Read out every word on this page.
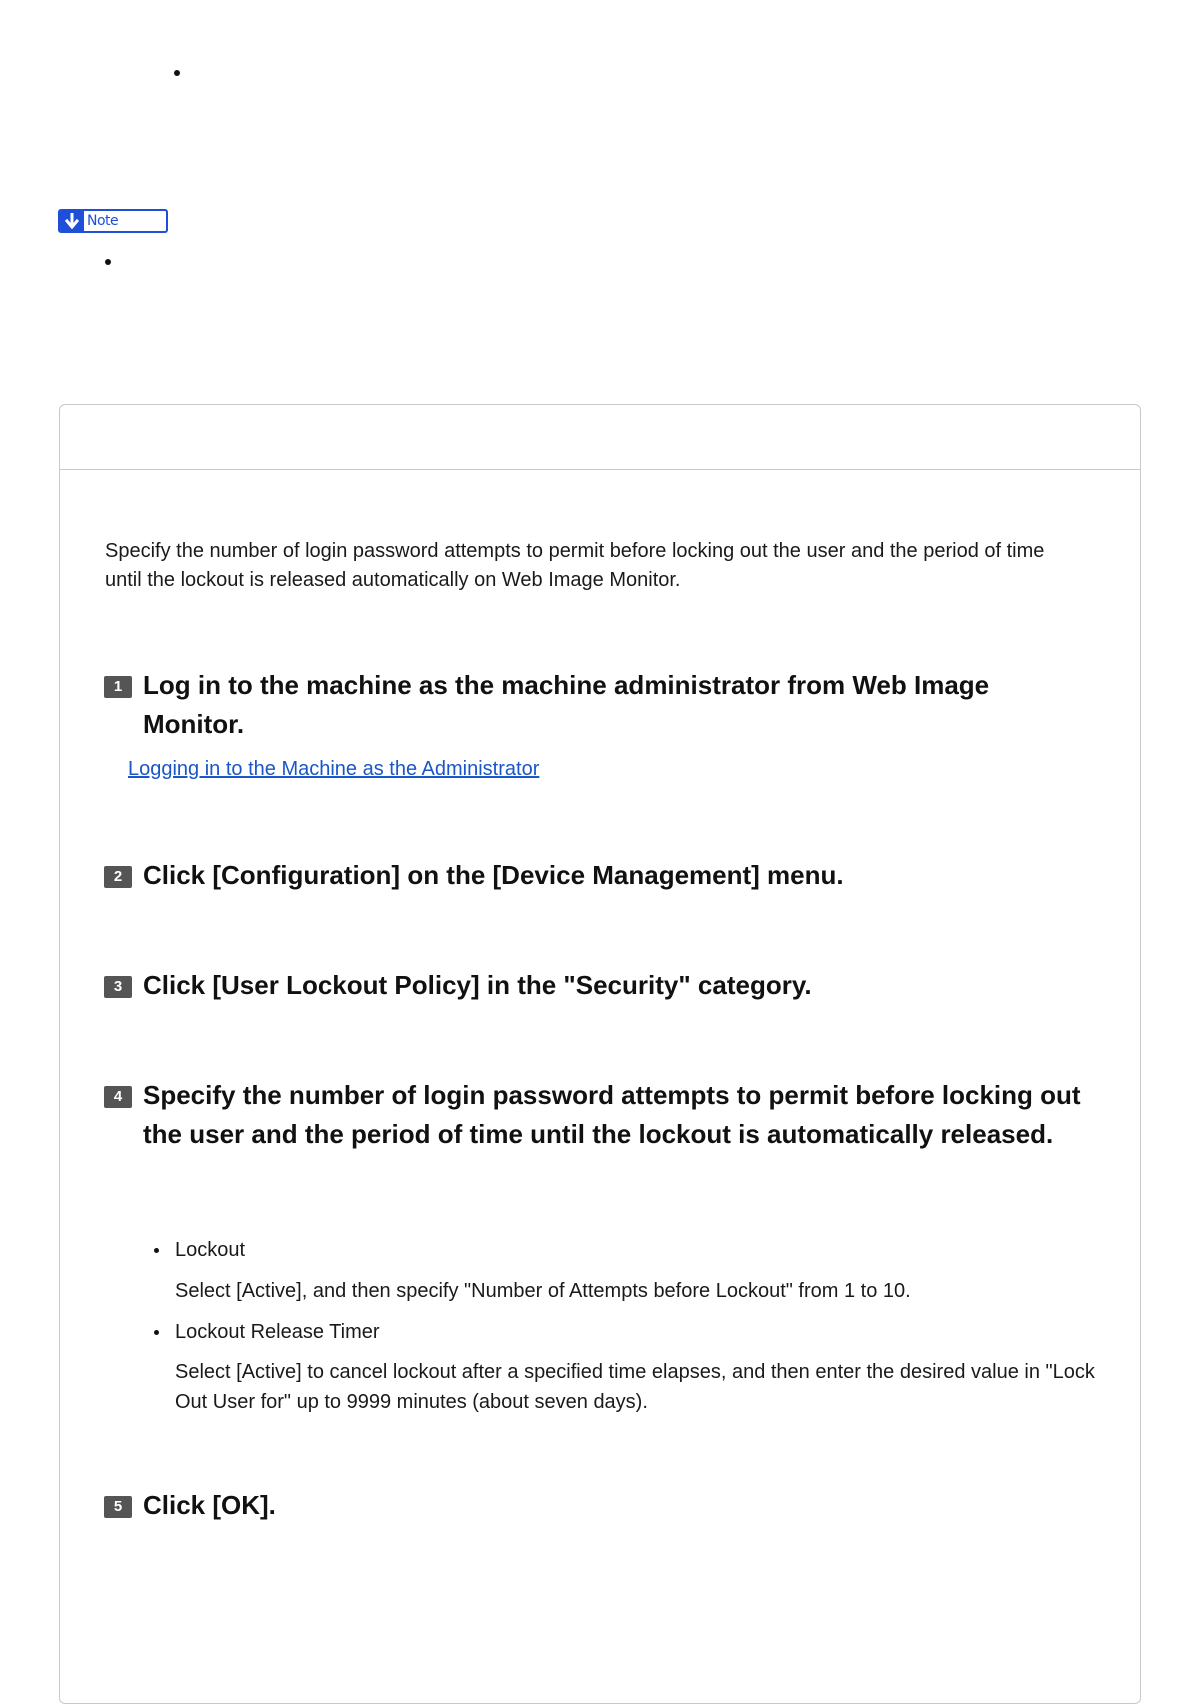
Note
Specify the number of login password attempts to permit before locking out the user and the period of time until the lockout is released automatically on Web Image Monitor.
1 Log in to the machine as the machine administrator from Web Image Monitor.
Logging in to the Machine as the Administrator
2 Click [Configuration] on the [Device Management] menu.
3 Click [User Lockout Policy] in the "Security" category.
4 Specify the number of login password attempts to permit before locking out the user and the period of time until the lockout is automatically released.
Lockout
Select [Active], and then specify "Number of Attempts before Lockout" from 1 to 10.
Lockout Release Timer
Select [Active] to cancel lockout after a specified time elapses, and then enter the desired value in "Lock Out User for" up to 9999 minutes (about seven days).
5 Click [OK].
